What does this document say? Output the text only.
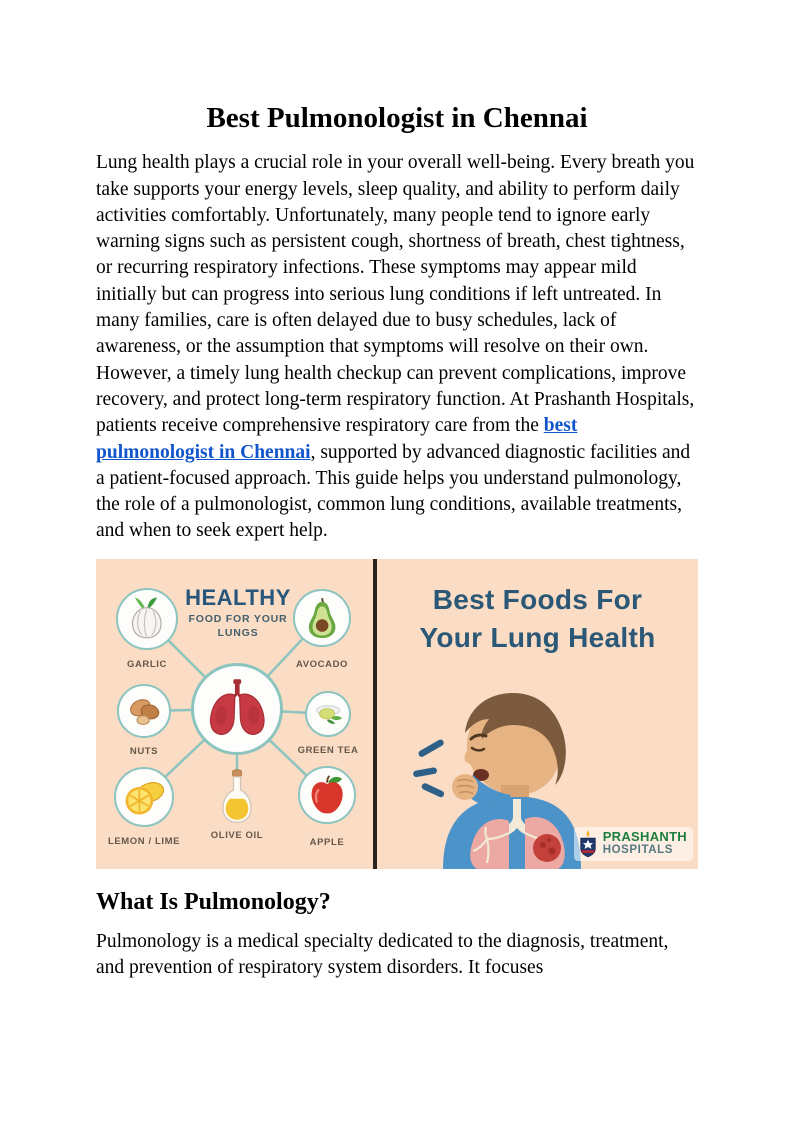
Best Pulmonologist in Chennai

Lung health plays a crucial role in your overall well-being. Every breath you take supports your energy levels, sleep quality, and ability to perform daily activities comfortably. Unfortunately, many people tend to ignore early warning signs such as persistent cough, shortness of breath, chest tightness, or recurring respiratory infections. These symptoms may appear mild initially but can progress into serious lung conditions if left untreated. In many families, care is often delayed due to busy schedules, lack of awareness, or the assumption that symptoms will resolve on their own. However, a timely lung health checkup can prevent complications, improve recovery, and protect long-term respiratory function. At Prashanth Hospitals, patients receive comprehensive respiratory care from the best pulmonologist in Chennai, supported by advanced diagnostic facilities and a patient-focused approach. This guide helps you understand pulmonology, the role of a pulmonologist, common lung conditions, available treatments, and when to seek expert help.

HEALTHY
FOOD FOR YOUR
LUNGS
GARLIC	AVOCADO
NUTS	GREEN TEA
LEMON / LIME
OLIVE OIL
APPLE
Best Foods For
Your Lung Health
PRASHANTH
HOSPITALS
What Is Pulmonology?

Pulmonology is a medical specialty dedicated to the diagnosis, treatment, and prevention of respiratory system disorders. It focuses
